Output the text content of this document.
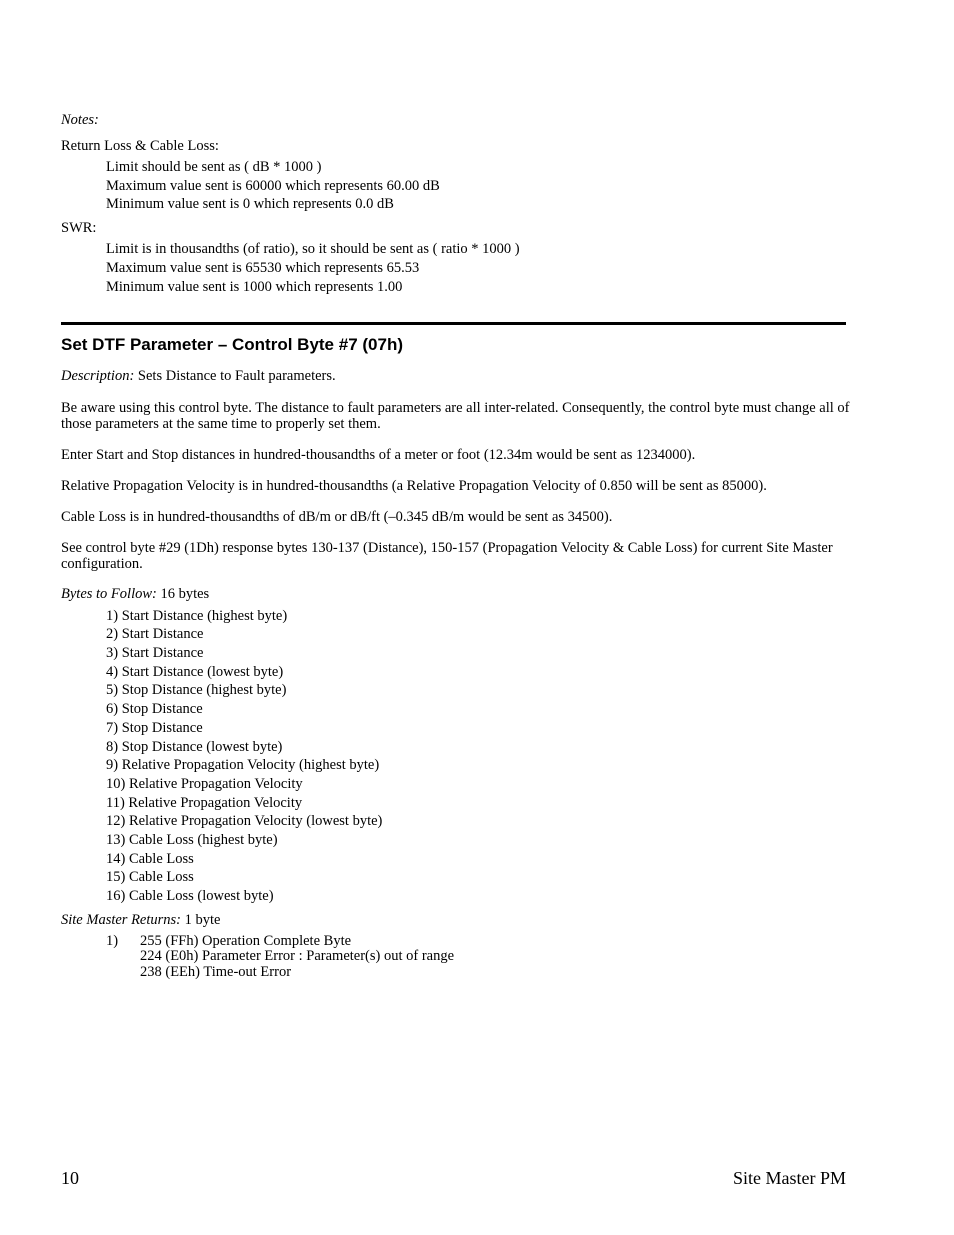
Notes:
Return Loss & Cable Loss:
Limit should be sent as ( dB * 1000 )
Maximum value sent is 60000 which represents 60.00 dB
Minimum value sent is 0 which represents 0.0 dB
SWR:
Limit is in thousandths (of ratio), so it should be sent as ( ratio * 1000 )
Maximum value sent is 65530 which represents 65.53
Minimum value sent is 1000 which represents 1.00
Set DTF Parameter – Control Byte #7 (07h)
Description: Sets Distance to Fault parameters.
Be aware using this control byte. The distance to fault parameters are all inter-related. Consequently, the control byte must change all of those parameters at the same time to properly set them.
Enter Start and Stop distances in hundred-thousandths of a meter or foot (12.34m would be sent as 1234000).
Relative Propagation Velocity is in hundred-thousandths (a Relative Propagation Velocity of 0.850 will be sent as 85000).
Cable Loss is in hundred-thousandths of dB/m or dB/ft (–0.345 dB/m would be sent as 34500).
See control byte #29 (1Dh) response bytes 130-137 (Distance), 150-157 (Propagation Velocity & Cable Loss) for current Site Master configuration.
Bytes to Follow: 16 bytes
1) Start Distance (highest byte)
2) Start Distance
3) Start Distance
4) Start Distance (lowest byte)
5) Stop Distance (highest byte)
6) Stop Distance
7) Stop Distance
8) Stop Distance (lowest byte)
9) Relative Propagation Velocity (highest byte)
10) Relative Propagation Velocity
11) Relative Propagation Velocity
12) Relative Propagation Velocity (lowest byte)
13) Cable Loss (highest byte)
14) Cable Loss
15) Cable Loss
16) Cable Loss (lowest byte)
Site Master Returns: 1 byte
1) 255 (FFh) Operation Complete Byte
224 (E0h) Parameter Error : Parameter(s) out of range
238 (EEh) Time-out Error
10	Site Master PM
